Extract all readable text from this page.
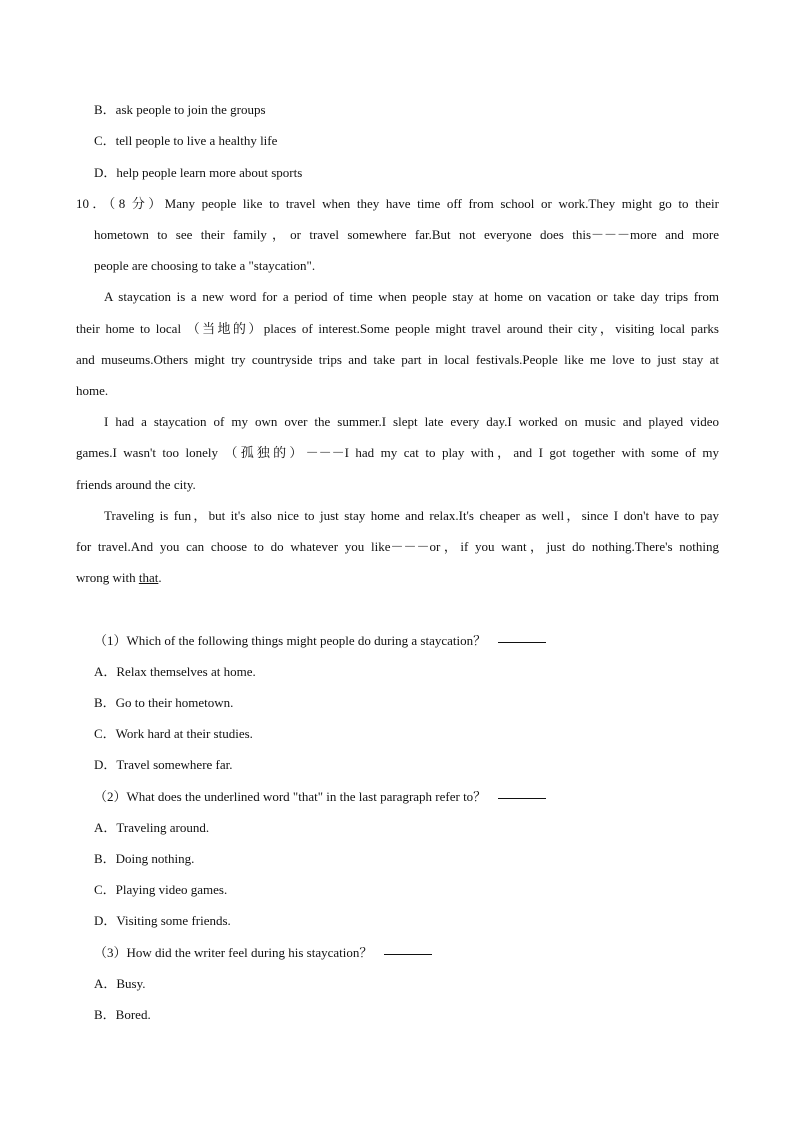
B．ask people to join the groups
C．tell people to live a healthy life
D．help people learn more about sports
10．（8 分）Many people like to travel when they have time off from school or work.They might go to their
hometown to see their family，or travel somewhere far.But not everyone does this－－－more and more
people are choosing to take a "staycation".
A staycation is a new word for a period of time when people stay at home on vacation or take day trips from
their home to local （当地的）places of interest.Some people might travel around their city，visiting local parks
and museums.Others might try countryside trips and take part in local festivals.People like me love to just stay at
home.
I had a staycation of my own over the summer.I slept late every day.I worked on music and played video
games.I wasn't too lonely （孤独的）－－－I had my cat to play with，and I got together with some of my
friends around the city.
Traveling is fun，but it's also nice to just stay home and relax.It's cheaper as well，since I don't have to pay
for travel.And you can choose to do whatever you like－－－or，if you want，just do nothing.There's nothing
wrong with that.
（1）Which of the following things might people do during a staycation？
A．Relax themselves at home.
B．Go to their hometown.
C．Work hard at their studies.
D．Travel somewhere far.
（2）What does the underlined word "that" in the last paragraph refer to？
A．Traveling around.
B．Doing nothing.
C．Playing video games.
D．Visiting some friends.
（3）How did the writer feel during his staycation？
A．Busy.
B．Bored.
